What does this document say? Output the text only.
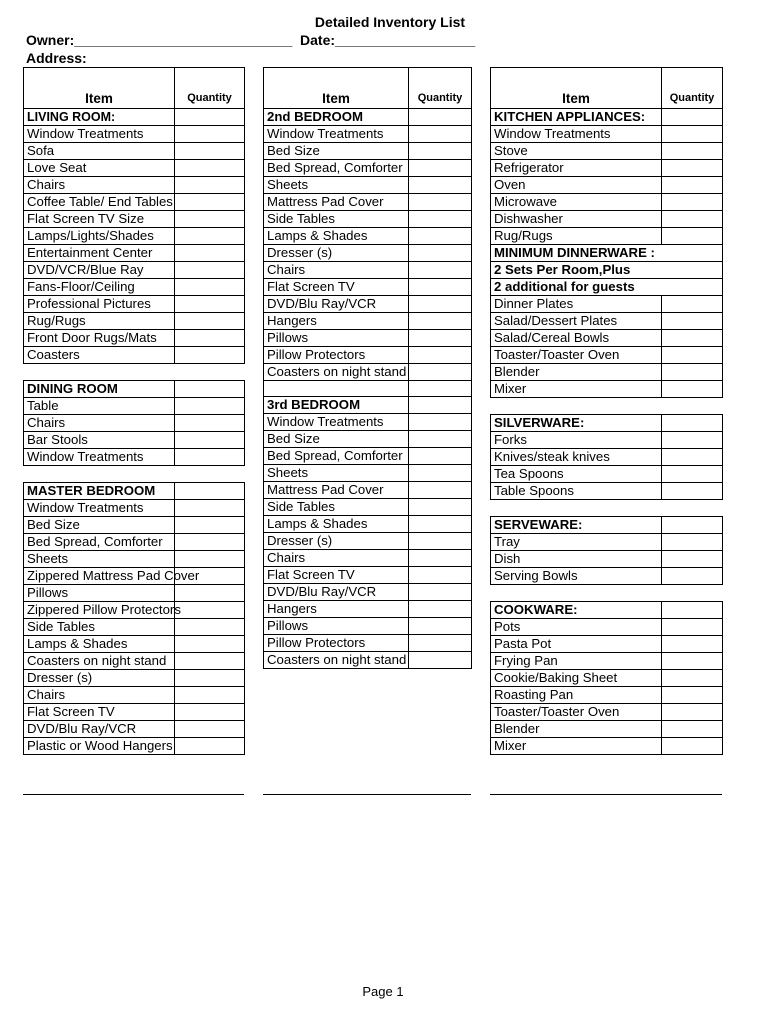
Detailed Inventory List
Owner:____________________________  Date:__________________
Address:
Item	Quantity
LIVING ROOM:	
Window Treatments	
Sofa	
Love Seat	
Chairs	
Coffee Table/ End Tables	
Flat Screen TV Size	
Lamps/Lights/Shades	
Entertainment Center	
DVD/VCR/Blue Ray	
Fans-Floor/Ceiling	
Professional Pictures	
Rug/Rugs	
Front Door Rugs/Mats	
Coasters	

DINING ROOM	
Table	
Chairs	
Bar Stools	
Window Treatments	

MASTER BEDROOM	
Window Treatments	
Bed Size	
Bed Spread, Comforter	
Sheets	
Zippered Mattress Pad Cover	
Pillows	
Zippered Pillow Protectors	
Side Tables	
Lamps & Shades	
Coasters on night stand	
Dresser (s)	
Chairs	
Flat Screen TV	
DVD/Blu Ray/VCR	
Plastic or Wood Hangers	
Item	Quantity
2nd BEDROOM	
Window Treatments	
Bed Size	
Bed Spread, Comforter	
Sheets	
Mattress Pad Cover	
Side Tables	
Lamps & Shades	
Dresser (s)	
Chairs	
Flat Screen TV	
DVD/Blu Ray/VCR	
Hangers	
Pillows	
Pillow Protectors	
Coasters on night stand	

3rd BEDROOM	
Window Treatments	
Bed Size	
Bed Spread, Comforter	
Sheets	
Mattress Pad Cover	
Side Tables	
Lamps & Shades	
Dresser (s)	
Chairs	
Flat Screen TV	
DVD/Blu Ray/VCR	
Hangers	
Pillows	
Pillow Protectors	
Coasters on night stand	
Item	Quantity
KITCHEN APPLIANCES:	
Window Treatments	
Stove	
Refrigerator	
Oven	
Microwave	
Dishwasher	
Rug/Rugs	
MINIMUM DINNERWARE :	
2 Sets Per Room,Plus	
2 additional for guests	
Dinner Plates	
Salad/Dessert Plates	
Salad/Cereal Bowls	
Toaster/Toaster Oven	
Blender	
Mixer	

SILVERWARE:	
Forks	
Knives/steak knives	
Tea Spoons	
Table Spoons	

SERVEWARE:	
Tray	
Dish	
Serving Bowls	

COOKWARE:	
Pots	
Pasta Pot	
Frying Pan	
Cookie/Baking Sheet	
Roasting Pan	
Toaster/Toaster Oven	
Blender	
Mixer	
Page 1
